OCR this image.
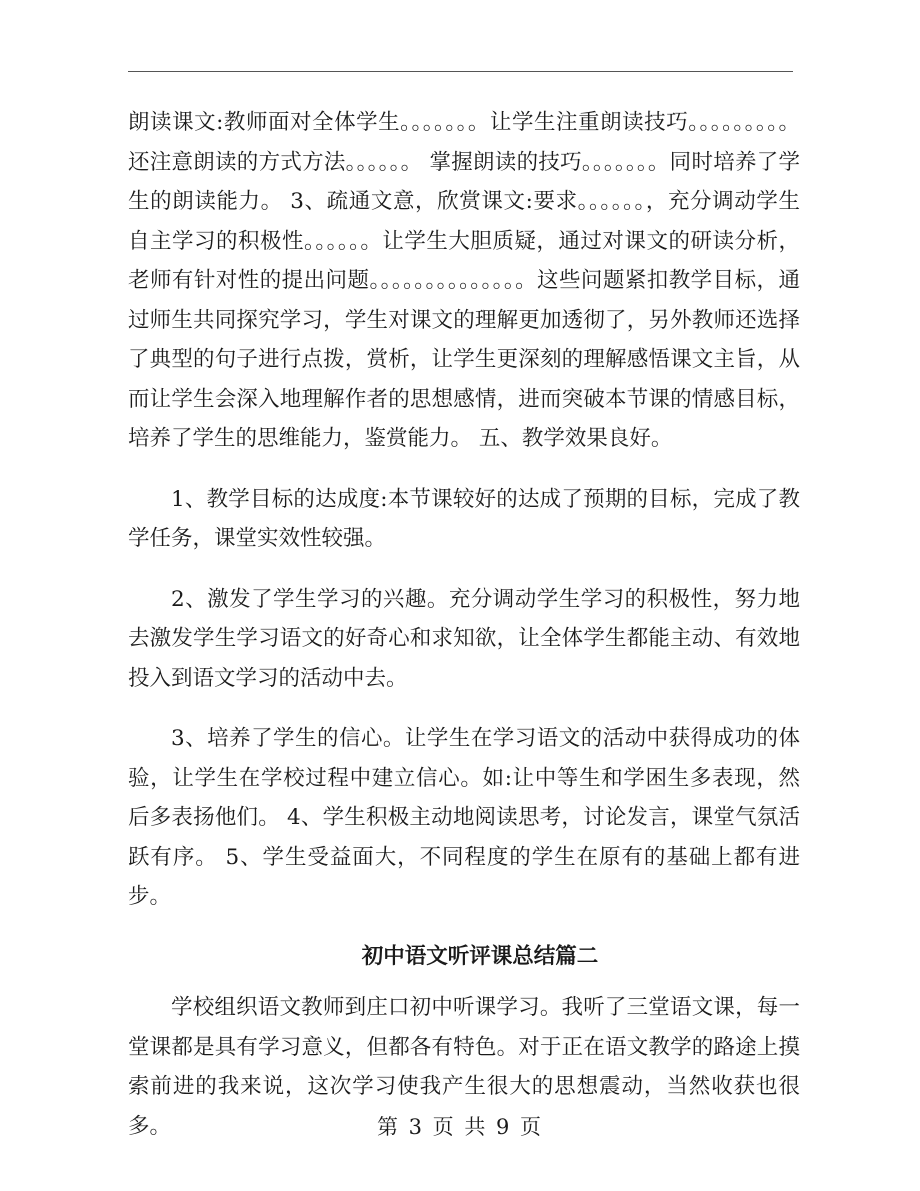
朗读课文:教师面对全体学生。。。。。。。让学生注重朗读技巧。。。。。。。。。还注意朗读的方式方法。。。。。。 掌握朗读的技巧。。。。。。。同时培养了学生的朗读能力。 3、疏通文意，欣赏课文:要求。。。。。。，充分调动学生自主学习的积极性。。。。。。让学生大胆质疑，通过对课文的研读分析，老师有针对性的提出问题。。。。。。。。。。。。。。这些问题紧扣教学目标，通过师生共同探究学习，学生对课文的理解更加透彻了，另外教师还选择了典型的句子进行点拨，赏析，让学生更深刻的理解感悟课文主旨，从而让学生会深入地理解作者的思想感情，进而突破本节课的情感目标，培养了学生的思维能力，鉴赏能力。 五、教学效果良好。

1、教学目标的达成度:本节课较好的达成了预期的目标，完成了教学任务，课堂实效性较强。

2、激发了学生学习的兴趣。充分调动学生学习的积极性，努力地去激发学生学习语文的好奇心和求知欲，让全体学生都能主动、有效地投入到语文学习的活动中去。

3、培养了学生的信心。让学生在学习语文的活动中获得成功的体验，让学生在学校过程中建立信心。如:让中等生和学困生多表现，然后多表扬他们。 4、学生积极主动地阅读思考，讨论发言，课堂气氛活跃有序。 5、学生受益面大，不同程度的学生在原有的基础上都有进步。

初中语文听评课总结篇二

学校组织语文教师到庄口初中听课学习。我听了三堂语文课，每一堂课都是具有学习意义，但都各有特色。对于正在语文教学的路途上摸索前进的我来说，这次学习使我产生很大的思想震动，当然收获也很多。	第 3 页 共 9 页
